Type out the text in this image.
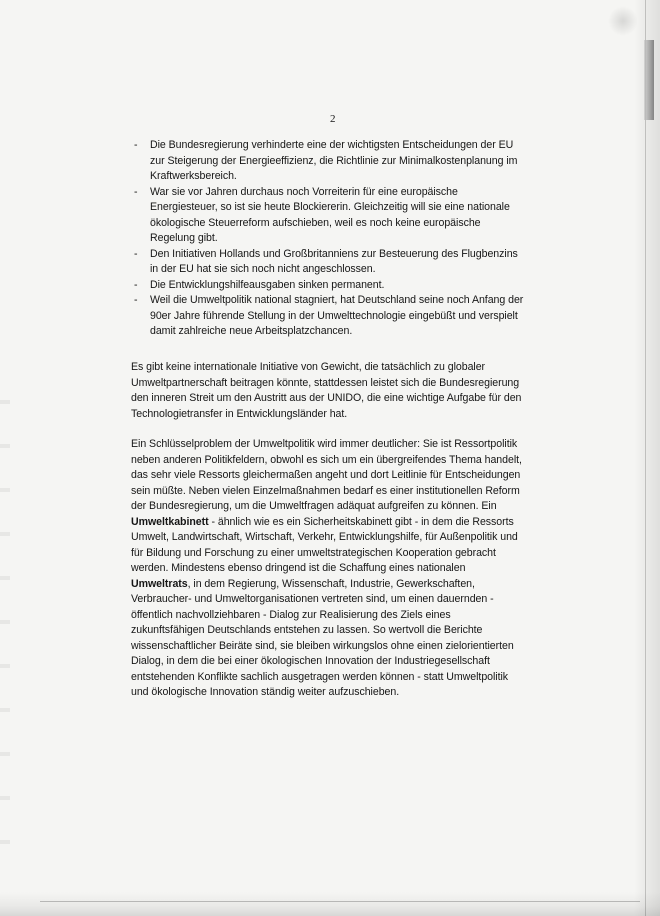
2
- Die Bundesregierung verhinderte eine der wichtigsten Entscheidungen der EU
zur Steigerung der Energieeffizienz, die Richtlinie zur Minimalkostenplanung im
Kraftwerksbereich.
- War sie vor Jahren durchaus noch Vorreiterin für eine europäische
Energiesteuer, so ist sie heute Blockiererin. Gleichzeitig will sie eine nationale
ökologische Steuerreform aufschieben, weil es noch keine europäische
Regelung gibt.
- Den Initiativen Hollands und Großbritanniens zur Besteuerung des Flugbenzins
in der EU hat sie sich noch nicht angeschlossen.
- Die Entwicklungshilfeausgaben sinken permanent.
- Weil die Umweltpolitik national stagniert, hat Deutschland seine noch Anfang der
90er Jahre führende Stellung in der Umwelttechnologie eingebüßt und verspielt
damit zahlreiche neue Arbeitsplatzchancen.

Es gibt keine internationale Initiative von Gewicht, die tatsächlich zu globaler
Umweltpartnerschaft beitragen könnte, stattdessen leistet sich die Bundesregierung
den inneren Streit um den Austritt aus der UNIDO, die eine wichtige Aufgabe für den
Technologietransfer in Entwicklungsländer hat.

Ein Schlüsselproblem der Umweltpolitik wird immer deutlicher: Sie ist Ressortpolitik
neben anderen Politikfeldern, obwohl es sich um ein übergreifendes Thema handelt,
das sehr viele Ressorts gleichermaßen angeht und dort Leitlinie für Entscheidungen
sein müßte. Neben vielen Einzelmaßnahmen bedarf es einer institutionellen Reform
der Bundesregierung, um die Umweltfragen adäquat aufgreifen zu können. Ein
Umweltkabinett - ähnlich wie es ein Sicherheitskabinett gibt - in dem die Ressorts
Umwelt, Landwirtschaft, Wirtschaft, Verkehr, Entwicklungshilfe, für Außenpolitik und
für Bildung und Forschung zu einer umweltstrategischen Kooperation gebracht
werden. Mindestens ebenso dringend ist die Schaffung eines nationalen
Umweltrats, in dem Regierung, Wissenschaft, Industrie, Gewerkschaften,
Verbraucher- und Umweltorganisationen vertreten sind, um einen dauernden -
öffentlich nachvollziehbaren - Dialog zur Realisierung des Ziels eines
zukunftsfähigen Deutschlands entstehen zu lassen. So wertvoll die Berichte
wissenschaftlicher Beiräte sind, sie bleiben wirkungslos ohne einen zielorientierten
Dialog, in dem die bei einer ökologischen Innovation der Industriegesellschaft
entstehenden Konflikte sachlich ausgetragen werden können - statt Umweltpolitik
und ökologische Innovation ständig weiter aufzuschieben.
